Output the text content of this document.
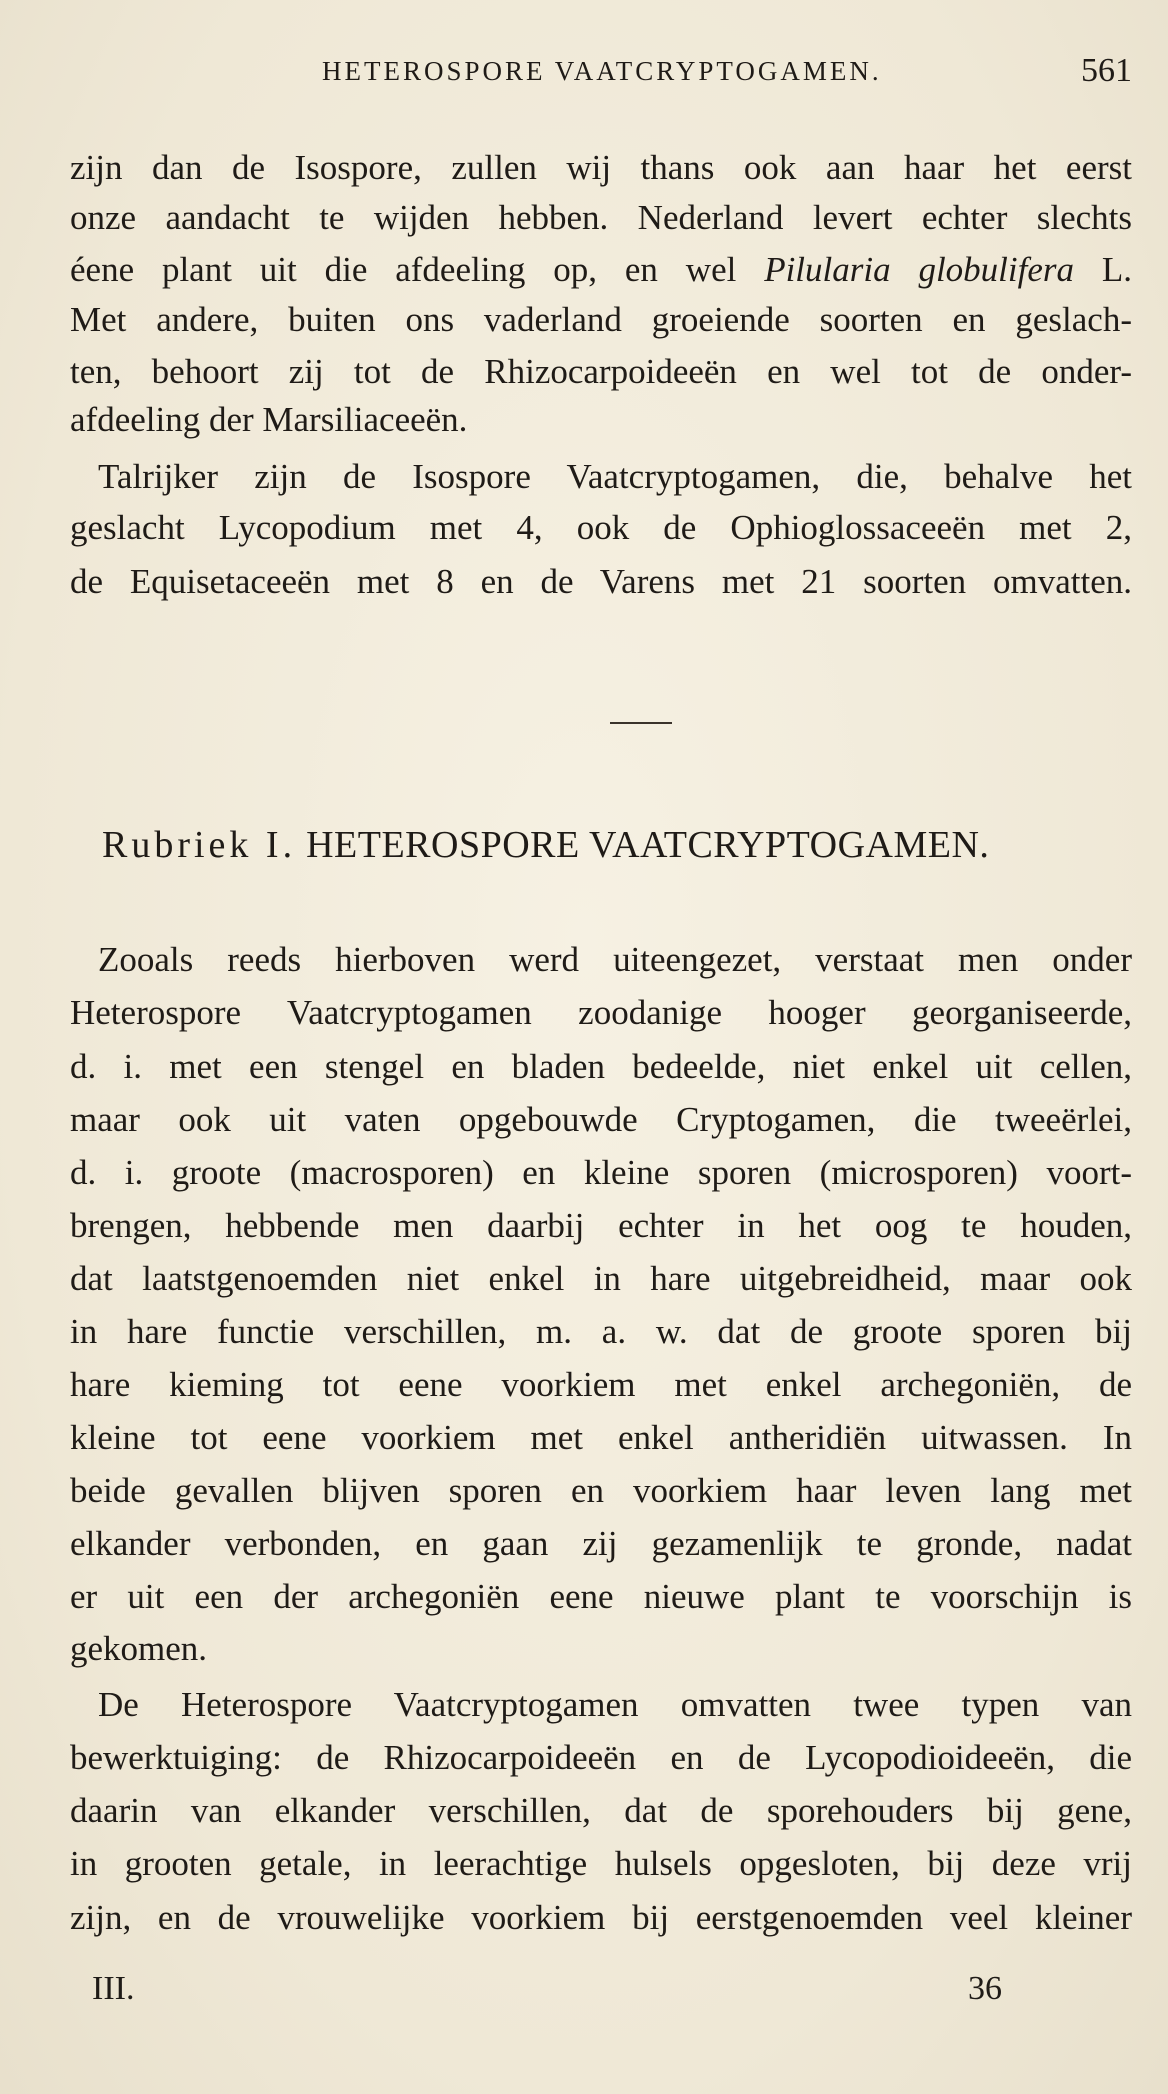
HETEROSPORE VAATCRYPTOGAMEN.	561
zijn dan de Isospore, zullen wij thans ook aan haar het eerst
onze aandacht te wijden hebben. Nederland levert echter slechts
éene plant uit die afdeeling op, en wel Pilularia globulifera L.
Met andere, buiten ons vaderland groeiende soorten en geslach-
ten, behoort zij tot de Rhizocarpoideeën en wel tot de onder-
afdeeling der Marsiliaceeën.
Talrijker zijn de Isospore Vaatcryptogamen, die, behalve het
geslacht Lycopodium met 4, ook de Ophioglossaceeën met 2,
de Equisetaceeën met 8 en de Varens met 21 soorten omvatten.
Rubriek I. HETEROSPORE VAATCRYPTOGAMEN.
Zooals reeds hierboven werd uiteengezet, verstaat men onder
Heterospore Vaatcryptogamen zoodanige hooger georganiseerde,
d. i. met een stengel en bladen bedeelde, niet enkel uit cellen,
maar ook uit vaten opgebouwde Cryptogamen, die tweeërlei,
d. i. groote (macrosporen) en kleine sporen (microsporen) voort-
brengen, hebbende men daarbij echter in het oog te houden,
dat laatstgenoemden niet enkel in hare uitgebreidheid, maar ook
in hare functie verschillen, m. a. w. dat de groote sporen bij
hare kieming tot eene voorkiem met enkel archegoniën, de
kleine tot eene voorkiem met enkel antheridiën uitwassen. In
beide gevallen blijven sporen en voorkiem haar leven lang met
elkander verbonden, en gaan zij gezamenlijk te gronde, nadat
er uit een der archegoniën eene nieuwe plant te voorschijn is
gekomen.
De Heterospore Vaatcryptogamen omvatten twee typen van
bewerktuiging: de Rhizocarpoideeën en de Lycopodioideeën, die
daarin van elkander verschillen, dat de sporehouders bij gene,
in grooten getale, in leerachtige hulsels opgesloten, bij deze vrij
zijn, en de vrouwelijke voorkiem bij eerstgenoemden veel kleiner
III.	36
